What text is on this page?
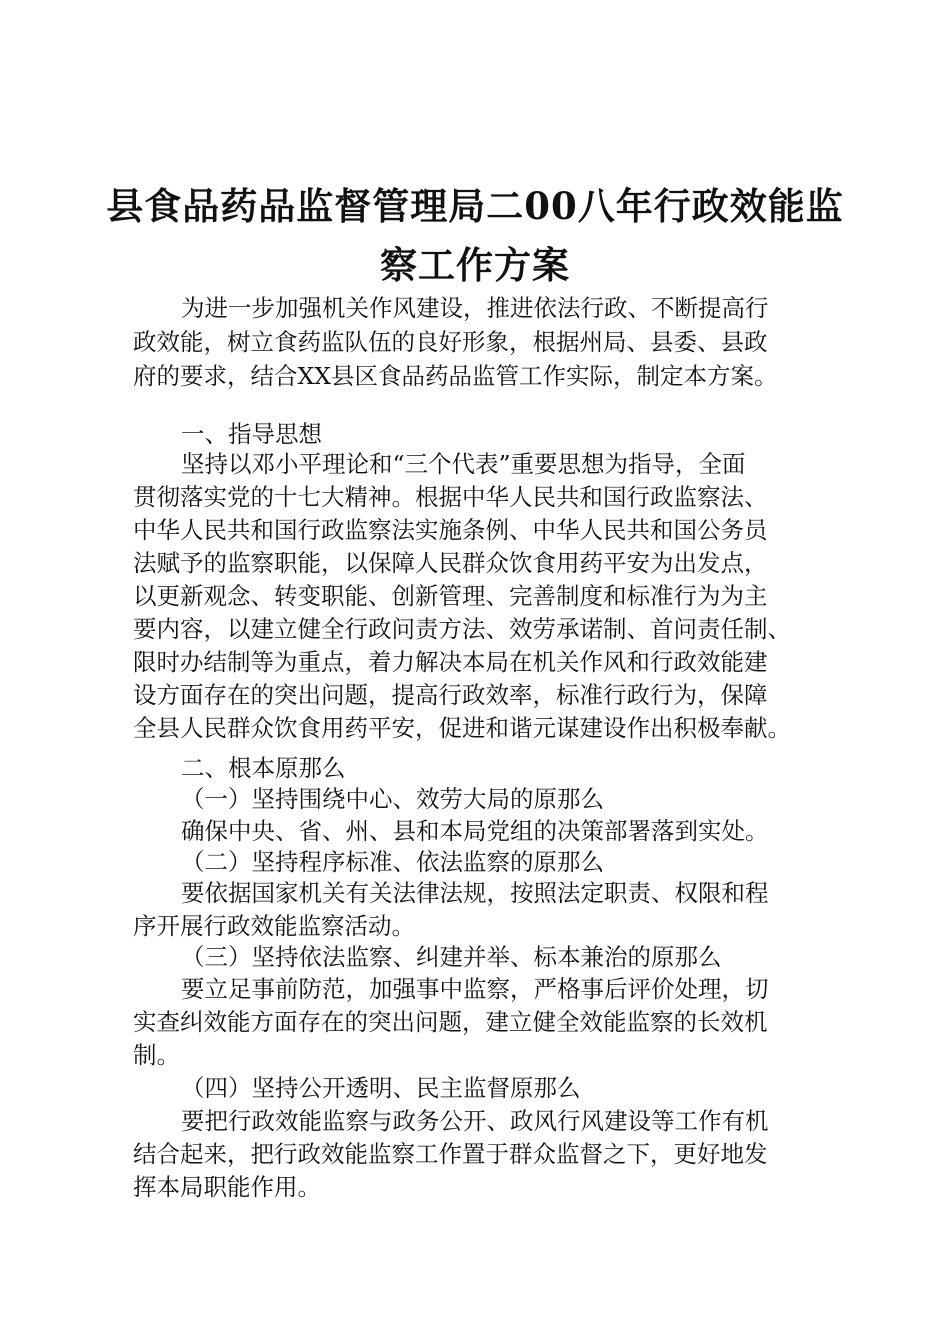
县食品药品监督管理局二00八年行政效能监
察工作方案

为进一步加强机关作风建设，推进依法行政、不断提高行

政效能，树立食药监队伍的良好形象，根据州局、县委、县政

府的要求，结合XX县区食品药品监管工作实际，制定本方案。

一、指导思想

坚持以邓小平理论和“三个代表”重要思想为指导，全面

贯彻落实党的十七大精神。根据中华人民共和国行政监察法、

中华人民共和国行政监察法实施条例、中华人民共和国公务员

法赋予的监察职能，以保障人民群众饮食用药平安为出发点，

以更新观念、转变职能、创新管理、完善制度和标准行为为主

要内容，以建立健全行政问责方法、效劳承诺制、首问责任制、

限时办结制等为重点，着力解决本局在机关作风和行政效能建

设方面存在的突出问题，提高行政效率，标准行政行为，保障

全县人民群众饮食用药平安，促进和谐元谋建设作出积极奉献。

二、根本原那么

（一）坚持围绕中心、效劳大局的原那么

确保中央、省、州、县和本局党组的决策部署落到实处。

（二）坚持程序标准、依法监察的原那么

要依据国家机关有关法律法规，按照法定职责、权限和程

序开展行政效能监察活动。

（三）坚持依法监察、纠建并举、标本兼治的原那么

要立足事前防范，加强事中监察，严格事后评价处理，切

实查纠效能方面存在的突出问题，建立健全效能监察的长效机

制。

（四）坚持公开透明、民主监督原那么

要把行政效能监察与政务公开、政风行风建设等工作有机

结合起来，把行政效能监察工作置于群众监督之下，更好地发

挥本局职能作用。
